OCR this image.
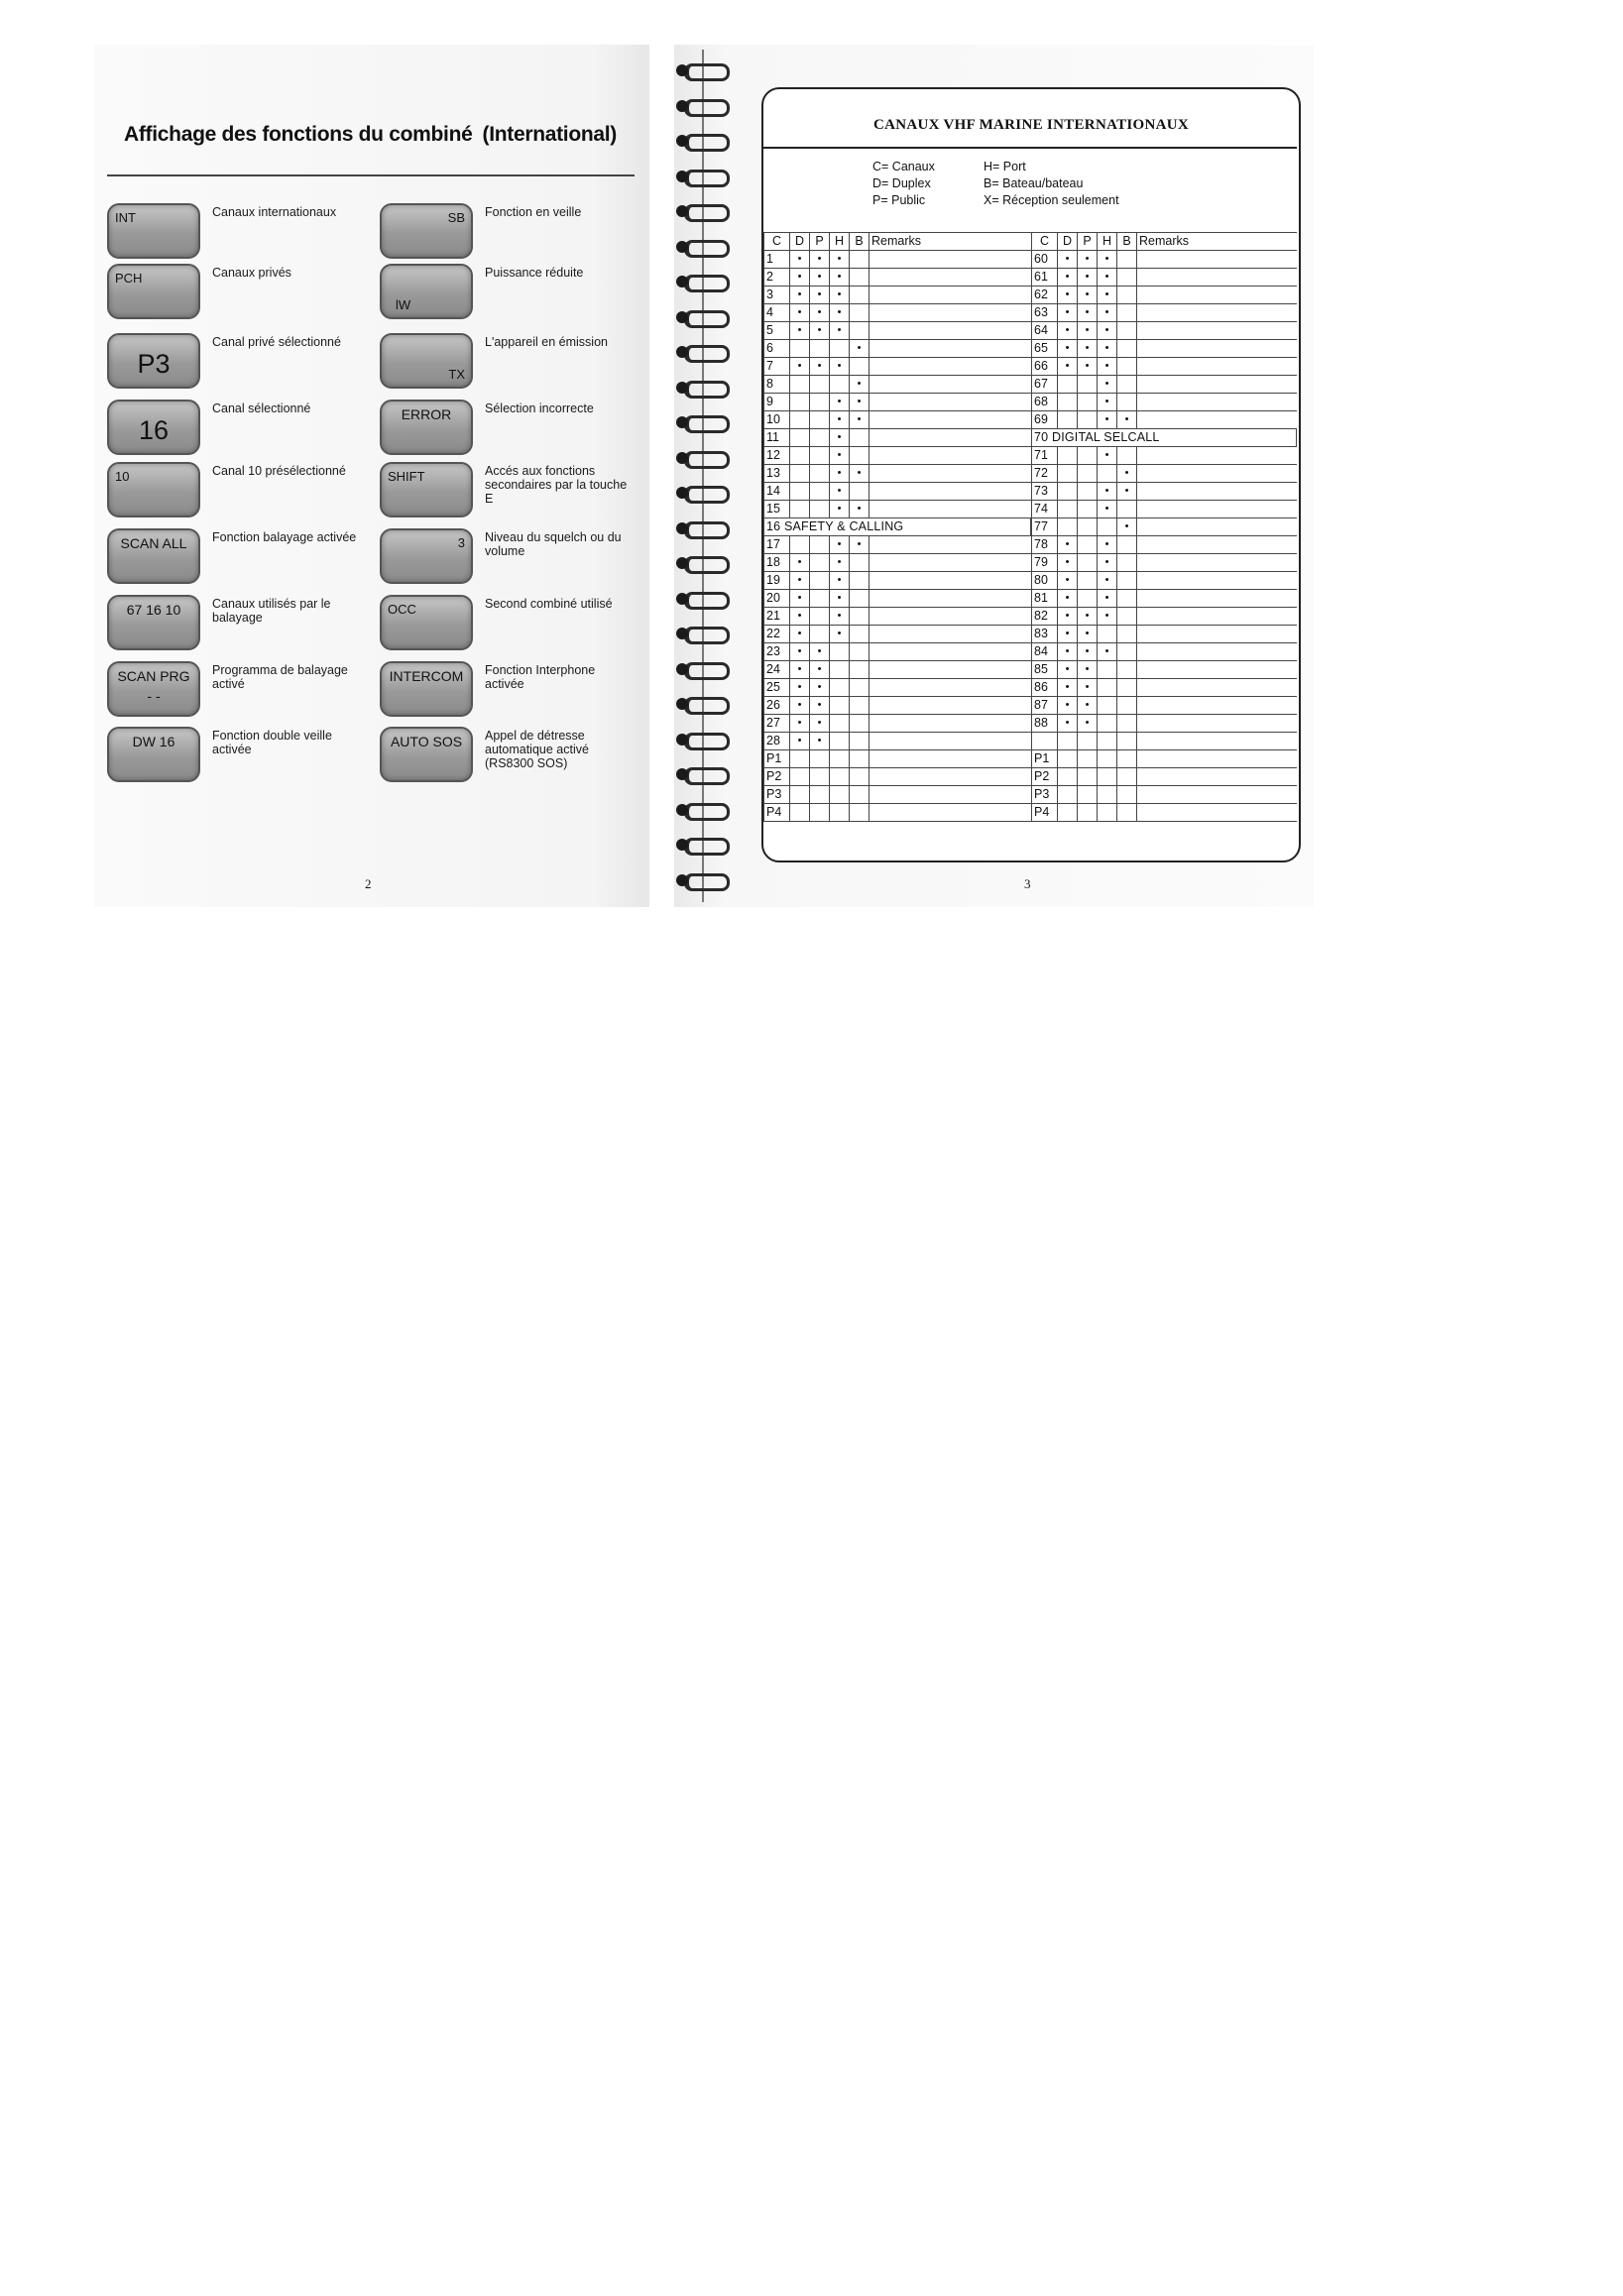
Affichage des fonctions du combiné (International)
INT	Canaux internationaux	SB Fonction en veille
PCH	Canaux privés
lW
Puissance réduite
P3
Canal privé sélectionné
TX
L'appareil en émission
16
Canal sélectionné	ERROR	Sélection incorrecte
10	Canal 10 présélectionné	SHIFT	Accés aux fonctions secondaires par la touche E
SCAN ALL	Fonction balayage activée	3 Niveau du squelch ou du volume
67 16 10	Canaux utilisés par le balayage
OCC	Second combiné utilisé
SCAN PRG
- -
Programma de balayage activé	INTERCOM Fonction Interphone activée
DW 16	Fonction double veille activée	AUTO SOS	Appel de détresse automatique activé (RS8300 SOS)
2
CANAUX VHF MARINE INTERNATIONAUX
C= Canaux
D= Duplex
P= Public
H= Port
B= Bateau/bateau
X= Réception seulement
C	D	P	H	B	Remarks
1	•	•	•		
2	•	•	•		
3	•	•	•		
4	•	•	•		
5	•	•	•		
6				•	
7	•	•	•		
8				•	
9			•	•	
10			•	•	
11			•		
12			•		
13			•	•	
14			•		
15			•	•	
16 SAFETY & CALLING					
17			•	•	
18	•		•		
19	•		•		
20	•		•		
21	•		•		
22	•		•		
23	•	•			
24	•	•			
25	•	•			
26	•	•			
27	•	•			
28	•	•			
P1					
P2					
P3					
P4					
C	D	P	H	B	Remarks
60	•	•	•		
61	•	•	•		
62	•	•	•		
63	•	•	•		
64	•	•	•		
65	•	•	•		
66	•	•	•		
67			•		
68			•		
69			•	•	
70 DIGITAL SELCALL					
71			•		
72				•	
73			•	•	
74			•		
77				•	
78	•		•		
79	•		•		
80	•		•		
81	•		•		
82	•	•	•		
83	•	•			
84	•	•	•		
85	•	•			
86	•	•			
87	•	•			
88	•	•			

P1					
P2					
P3					
P4					
3
